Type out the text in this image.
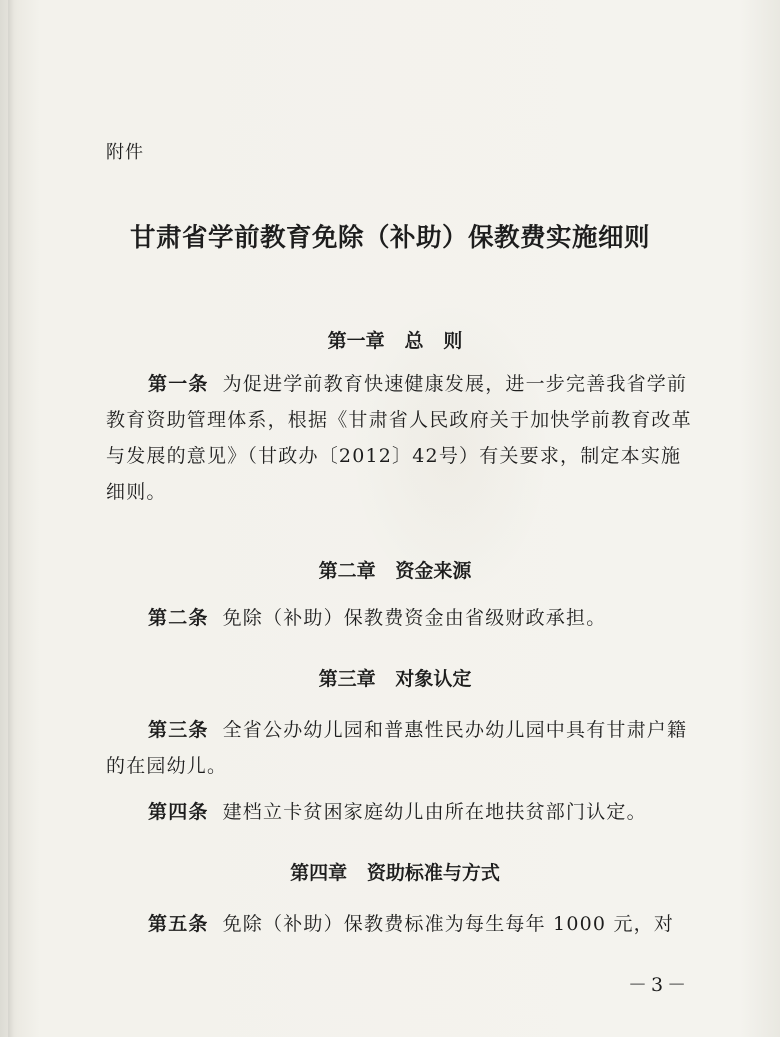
附件
甘肃省学前教育免除（补助）保教费实施细则
第一章   总   则
第一条 为促进学前教育快速健康发展，进一步完善我省学前教育资助管理体系，根据《甘肃省人民政府关于加快学前教育改革与发展的意见》（甘政办〔2012〕42号）有关要求，制定本实施细则。
第二章   资金来源
第二条 免除（补助）保教费资金由省级财政承担。
第三章   对象认定
第三条 全省公办幼儿园和普惠性民办幼儿园中具有甘肃户籍的在园幼儿。
第四条 建档立卡贫困家庭幼儿由所在地扶贫部门认定。
第四章   资助标准与方式
第五条 免除（补助）保教费标准为每生每年 1000 元，对
－3－
